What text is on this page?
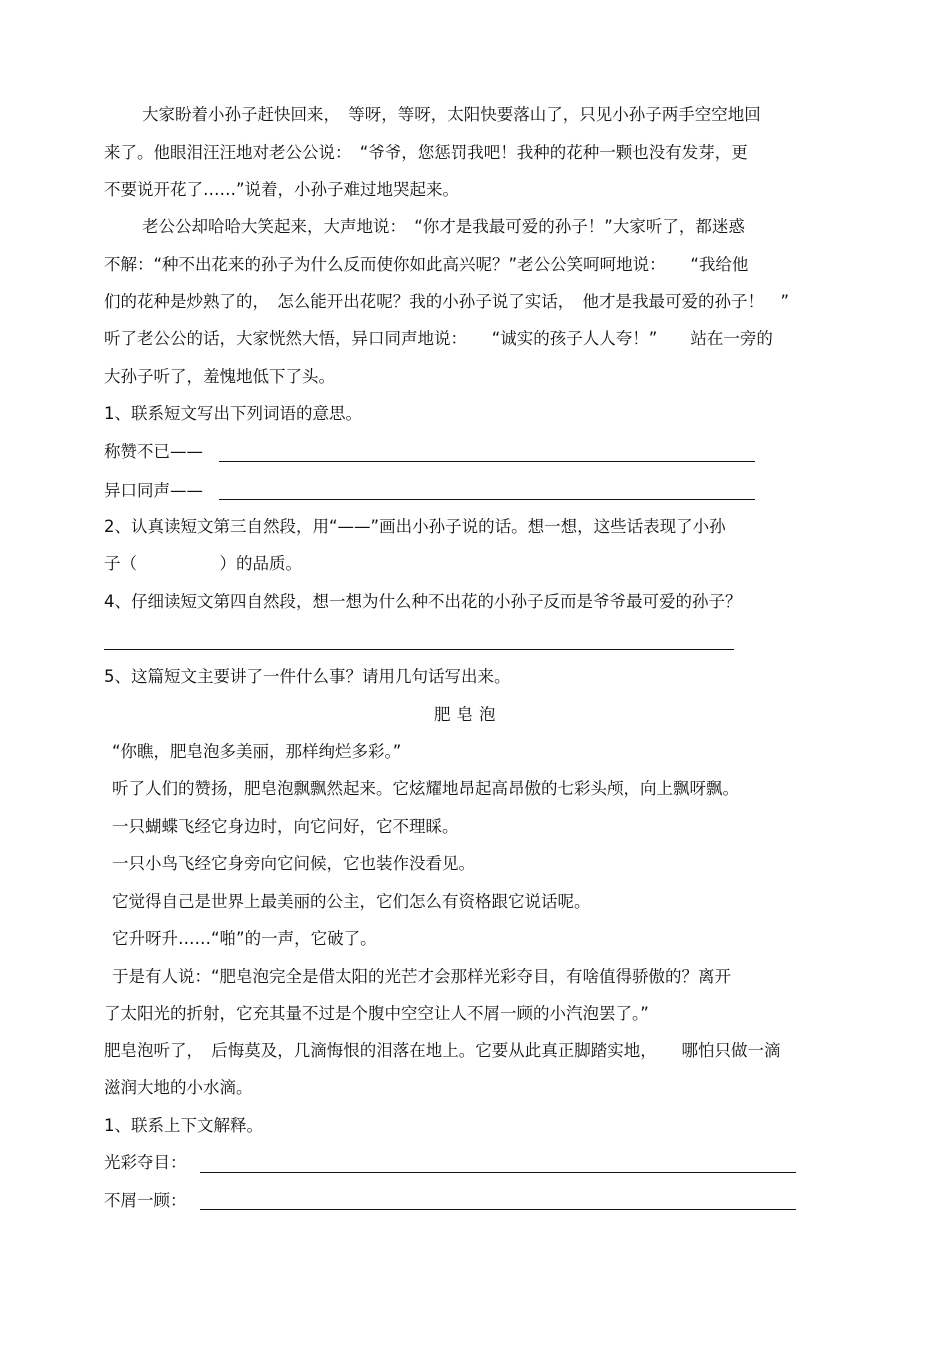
大家盼着小孙子赶快回来，　等呀，等呀，太阳快要落山了，只见小孙子两手空空地回
来了。他眼泪汪汪地对老公公说：　“爷爷，您惩罚我吧！我种的花种一颗也没有发芽，更
不要说开花了……”说着，小孙子难过地哭起来。
老公公却哈哈大笑起来，大声地说：　“你才是我最可爱的孙子！”大家听了，都迷惑
不解：“种不出花来的孙子为什么反而使你如此高兴呢？”老公公笑呵呵地说：　　“我给他
们的花种是炒熟了的，　怎么能开出花呢？我的小孙子说了实话，　他才是我最可爱的孙子！　”
听了老公公的话，大家恍然大悟，异口同声地说：　　“诚实的孩子人人夸！”　　站在一旁的
大孙子听了，羞愧地低下了头。
1、联系短文写出下列词语的意思。
称赞不已——
异口同声——
2、认真读短文第三自然段，用“——”画出小孙子说的话。想一想，这些话表现了小孙
子（　　　　　）的品质。
4、仔细读短文第四自然段，想一想为什么种不出花的小孙子反而是爷爷最可爱的孙子？
5、这篇短文主要讲了一件什么事？请用几句话写出来。
肥皂泡
“你瞧，肥皂泡多美丽，那样绚烂多彩。”
听了人们的赞扬，肥皂泡飘飘然起来。它炫耀地昂起高昂傲的七彩头颅，向上飘呀飘。
一只蝴蝶飞经它身边时，向它问好，它不理睬。
一只小鸟飞经它身旁向它问候，它也装作没看见。
它觉得自己是世界上最美丽的公主，它们怎么有资格跟它说话呢。
它升呀升……“啪”的一声，它破了。
于是有人说：“肥皂泡完全是借太阳的光芒才会那样光彩夺目，有啥值得骄傲的？离开
了太阳光的折射，它充其量不过是个腹中空空让人不屑一顾的小汽泡罢了。”
肥皂泡听了，　后悔莫及，几滴悔恨的泪落在地上。它要从此真正脚踏实地，　　哪怕只做一滴
滋润大地的小水滴。
1、联系上下文解释。
光彩夺目：
不屑一顾：
